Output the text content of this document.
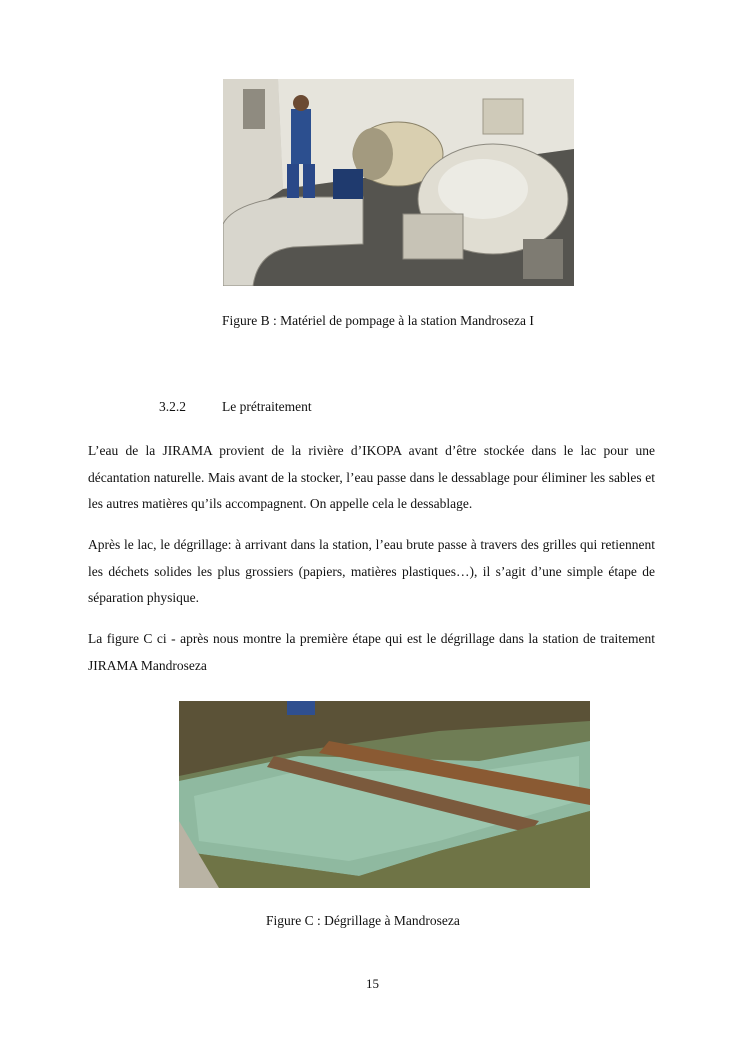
Figure B : Matériel de pompage à la station Mandroseza I
3.2.2	Le prétraitement

L’eau de la JIRAMA provient de la rivière d’IKOPA avant d’être stockée dans le lac pour une décantation naturelle. Mais avant de la stocker, l’eau passe dans le dessablage pour éliminer les sables et les autres matières qu’ils accompagnent. On appelle cela le dessablage.

Après le lac, le dégrillage: à arrivant dans la station, l’eau brute passe à travers des grilles qui retiennent les déchets solides les plus grossiers (papiers, matières plastiques…), il s’agit d’une simple étape de séparation physique.

La figure C ci - après nous montre la première étape qui est le dégrillage dans la station de traitement JIRAMA Mandroseza

Figure C : Dégrillage à Mandroseza
15
